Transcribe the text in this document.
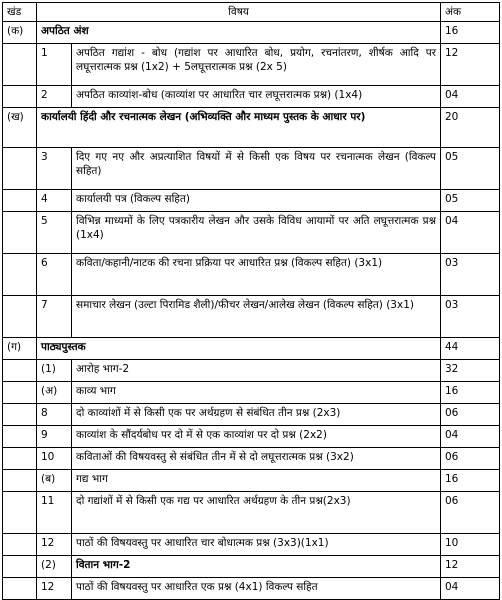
खंड	विषय		अंक
(क)	अपठित अंश		16
	1	अपठित गद्यांश - बोध (गद्यांश पर आधारित बोध, प्रयोग, रचनांतरण, शीर्षक आदि पर लघूत्तरात्मक प्रश्न (1x2) + 5लघूत्तरात्मक प्रश्न (2x 5)	12
	2	अपठित काव्यांश-बोध (काव्यांश पर आधारित चार लघूत्तरात्मक प्रश्न) (1x4)	04
(ख)	कार्यालयी हिंदी और रचनात्मक लेखन (अभिव्यक्ति और माध्यम पुस्तक के आधार पर)		20
	3	दिए गए नए और अप्रत्याशित विषयों में से किसी एक विषय पर रचनात्मक लेखन (विकल्प सहित)	05
	4	कार्यालयी पत्र (विकल्प सहित)	05
	5	विभिन्न माध्यमों के लिए पत्रकारीय लेखन और उसके विविध आयामों पर अति लघूत्तरात्मक प्रश्न (1x4)	04
	6	कविता/कहानी/नाटक की रचना प्रक्रिया पर आधारित प्रश्न (विकल्प सहित) (3x1)	03
	7	समाचार लेखन (उल्टा पिरामिड शैली)/फीचर लेखन/आलेख लेखन (विकल्प सहित) (3x1)	03
(ग)	पाठ्यपुस्तक		44
	(1)	आरोह भाग-2	32
	(अ)	काव्य भाग	16
	8	दो काव्यांशों में से किसी एक पर अर्थग्रहण से संबंधित तीन प्रश्न (2x3)	06
	9	काव्यांश के सौंदर्यबोध पर दो में से एक काव्यांश पर दो प्रश्न (2x2)	04
	10	कविताओं की विषयवस्तु से संबंधित तीन में से दो लघूत्तरात्मक प्रश्न (3x2)	06
	(ब)	गद्य भाग	16
	11	दो गद्यांशों में से किसी एक गद्य पर आधारित अर्थग्रहण के तीन प्रश्न(2x3)	06
	12	पाठों की विषयवस्तु पर आधारित चार बोधात्मक प्रश्न (3x3)(1x1)	10
	(2)	वितान भाग-2	12
	12	पाठों की विषयवस्तु पर आधारित एक प्रश्न (4x1) विकल्प सहित	04
